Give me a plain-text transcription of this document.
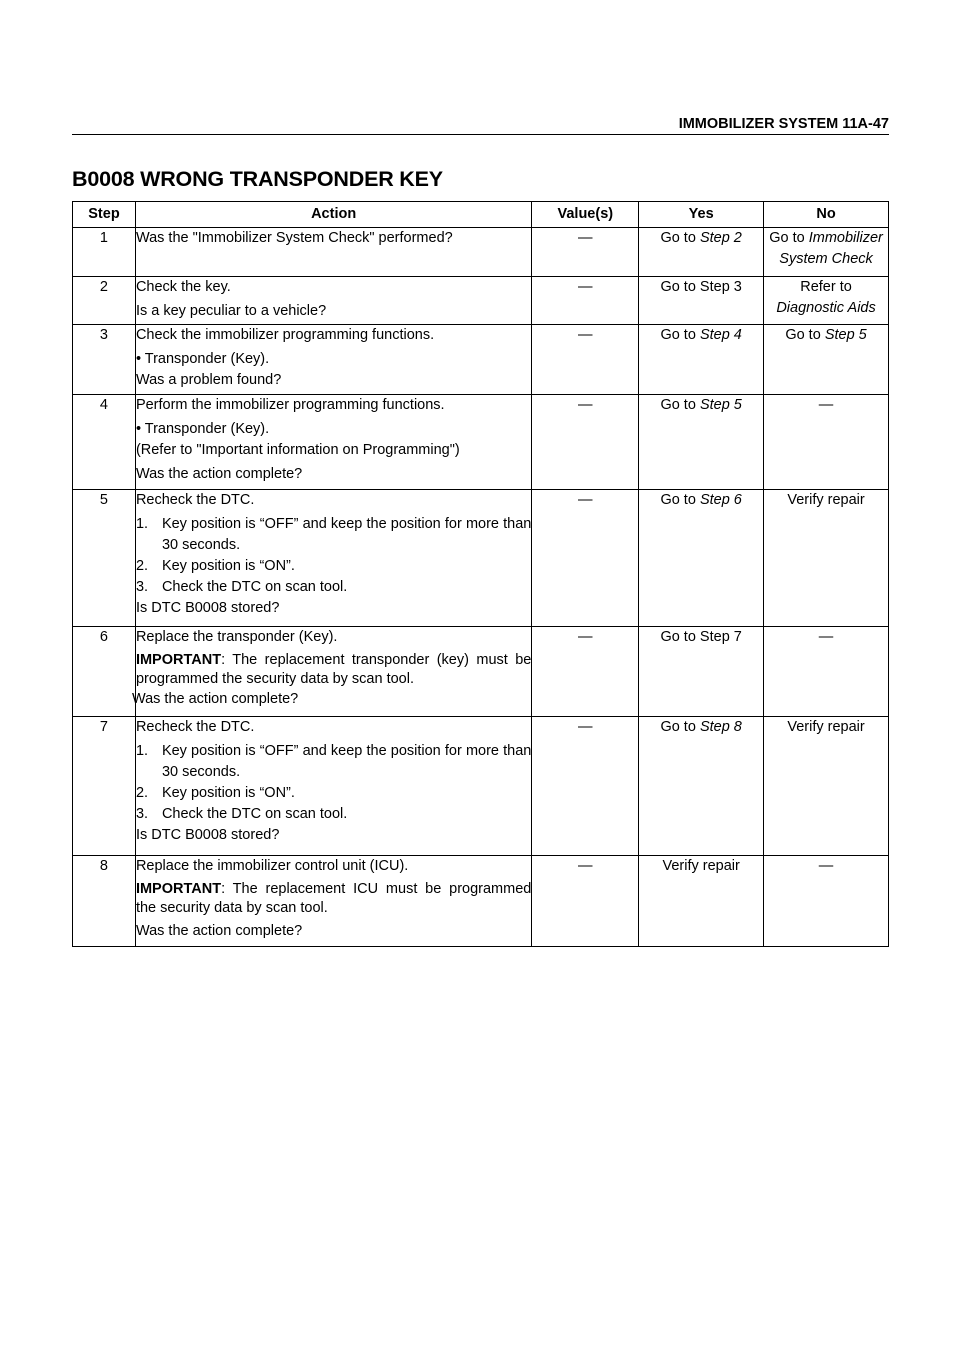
IMMOBILIZER SYSTEM 11A-47
B0008 WRONG TRANSPONDER KEY
Step	Action	Value(s)	Yes	No
1	Was the "Immobilizer System Check" performed?	—	Go to Step 2	Go to Immobilizer
System Check
2	Check the key.
Is a key peculiar to a vehicle?	—	Go to Step 3	Refer to
Diagnostic Aids
3	Check the immobilizer programming functions.
• Transponder (Key).
Was a problem found?	—	Go to Step 4	Go to Step 5
4	Perform the immobilizer programming functions.
• Transponder (Key).
(Refer to "Important information on Programming")
Was the action complete?	—	Go to Step 5	—
5	Recheck the DTC.
1. Key position is “OFF” and keep the position for more than 30 seconds.
2. Key position is “ON”.
3. Check the DTC on scan tool.
Is DTC B0008 stored?	—	Go to Step 6	Verify repair
6	Replace the transponder (Key).
IMPORTANT: The replacement transponder (key) must be programmed the security data by scan tool.
Was the action complete?	—	Go to Step 7	—
7	Recheck the DTC.
1. Key position is “OFF” and keep the position for more than 30 seconds.
2. Key position is “ON”.
3. Check the DTC on scan tool.
Is DTC B0008 stored?	—	Go to Step 8	Verify repair
8	Replace the immobilizer control unit (ICU).
IMPORTANT: The replacement ICU must be programmed the security data by scan tool.
Was the action complete?	—	Verify repair	—
